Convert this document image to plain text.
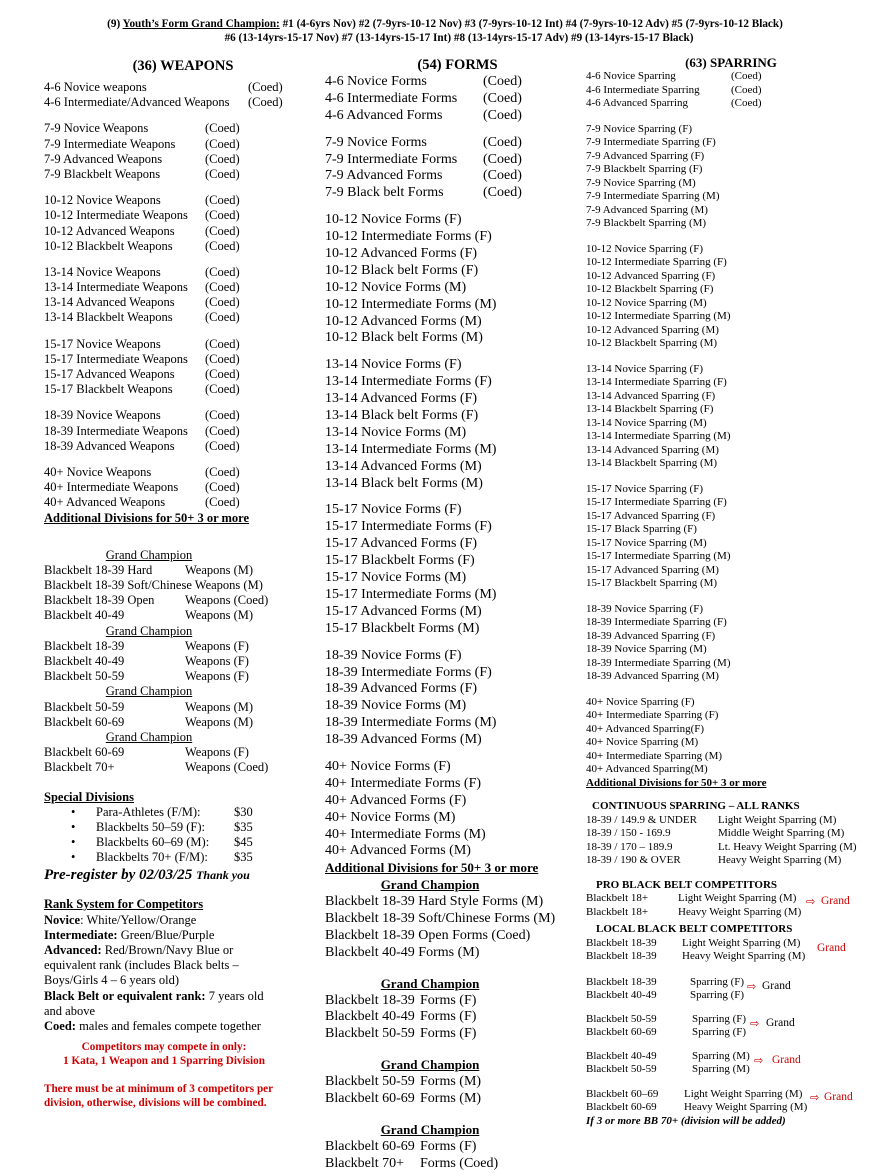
(9) Youth’s Form Grand Champion: #1 (4-6yrs Nov) #2 (7-9yrs-10-12 Nov) #3 (7-9yrs-10-12 Int) #4 (7-9yrs-10-12 Adv) #5 (7-9yrs-10-12 Black)
#6 (13-14yrs-15-17 Nov) #7 (13-14yrs-15-17 Int) #8 (13-14yrs-15-17 Adv) #9 (13-14yrs-15-17 Black)
(36) WEAPONS
4-6 Novice weapons	(Coed)
4-6 Intermediate/Advanced Weapons (Coed)
7-9 Novice Weapons	(Coed)
7-9 Intermediate Weapons (Coed)
7-9 Advanced Weapons	(Coed)
7-9 Blackbelt Weapons	(Coed)
10-12 Novice Weapons	(Coed)
10-12 Intermediate Weapons (Coed)
10-12 Advanced Weapons (Coed)
10-12 Blackbelt Weapons	(Coed)
13-14 Novice Weapons	(Coed)
13-14 Intermediate Weapons (Coed)
13-14 Advanced Weapons (Coed)
13-14 Blackbelt Weapons	(Coed)
15-17 Novice Weapons	(Coed)
15-17 Intermediate Weapons (Coed)
15-17 Advanced Weapons (Coed)
15-17 Blackbelt Weapons	(Coed)
18-39 Novice Weapons	(Coed)
18-39 Intermediate Weapons (Coed)
18-39 Advanced Weapons (Coed)
40+ Novice Weapons	(Coed)
40+ Intermediate Weapons (Coed)
40+ Advanced Weapons	(Coed)
Additional Divisions for 50+ 3 or more
Grand Champion
Blackbelt 18-39 Hard	Weapons (M)
Blackbelt 18-39 Soft/Chinese Weapons (M)
Blackbelt 18-39 Open Weapons (Coed)
Blackbelt 40-49	Weapons (M)
Grand Champion
Blackbelt 18-39	Weapons (F)
Blackbelt 40-49	Weapons (F)
Blackbelt 50-59	Weapons (F)
Grand Champion
Blackbelt 50-59	Weapons (M)
Blackbelt 60-69	Weapons (M)
Grand Champion
Blackbelt 60-69	Weapons (F)
Blackbelt 70+	Weapons (Coed)
Special Divisions
• Para-Athletes (F/M):	$30
• Blackbelts 50–59 (F): $35
• Blackbelts 60–69 (M): $45
• Blackbelts 70+ (F/M): $35
Pre-register by 02/03/25 Thank you
Rank System for Competitors
Novice: White/Yellow/Orange
Intermediate: Green/Blue/Purple
Advanced: Red/Brown/Navy Blue or
equivalent rank (includes Black belts –
Boys/Girls 4 – 6 years old)
Black Belt or equivalent rank: 7 years old
and above
Coed: males and females compete together
Competitors may compete in only:
1 Kata, 1 Weapon and 1 Sparring Division
There must be at minimum of 3 competitors per
division, otherwise, divisions will be combined.
(54) FORMS
4-6 Novice Forms	(Coed)
4-6 Intermediate Forms (Coed)
4-6 Advanced Forms	(Coed)
7-9 Novice Forms	(Coed)
7-9 Intermediate Forms (Coed)
7-9 Advanced Forms	(Coed)
7-9 Black belt Forms	(Coed)
10-12 Novice Forms (F)
10-12 Intermediate Forms (F)
10-12 Advanced Forms (F)
10-12 Black belt Forms (F)
10-12 Novice Forms (M)
10-12 Intermediate Forms (M)
10-12 Advanced Forms (M)
10-12 Black belt Forms (M)
13-14 Novice Forms (F)
13-14 Intermediate Forms (F)
13-14 Advanced Forms (F)
13-14 Black belt Forms (F)
13-14 Novice Forms (M)
13-14 Intermediate Forms (M)
13-14 Advanced Forms (M)
13-14 Black belt Forms (M)
15-17 Novice Forms (F)
15-17 Intermediate Forms (F)
15-17 Advanced Forms (F)
15-17 Blackbelt Forms (F)
15-17 Novice Forms (M)
15-17 Intermediate Forms (M)
15-17 Advanced Forms (M)
15-17 Blackbelt Forms (M)
18-39 Novice Forms (F)
18-39 Intermediate Forms (F)
18-39 Advanced Forms (F)
18-39 Novice Forms (M)
18-39 Intermediate Forms (M)
18-39 Advanced Forms (M)
40+ Novice Forms (F)
40+ Intermediate Forms (F)
40+ Advanced Forms (F)
40+ Novice Forms (M)
40+ Intermediate Forms (M)
40+ Advanced Forms (M)
Additional Divisions for 50+ 3 or more
Grand Champion
Blackbelt 18-39 Hard Style Forms (M)
Blackbelt 18-39 Soft/Chinese Forms (M)
Blackbelt 18-39 Open Forms (Coed)
Blackbelt 40-49 Forms (M)
Grand Champion
Blackbelt 18-39 Forms (F)
Blackbelt 40-49 Forms (F)
Blackbelt 50-59 Forms (F)
Grand Champion
Blackbelt 50-59 Forms (M)
Blackbelt 60-69 Forms (M)
Grand Champion
Blackbelt 60-69 Forms (F)
Blackbelt 70+ Forms (Coed)
(63) SPARRING
4-6 Novice Sparring	(Coed)
4-6 Intermediate Sparring	(Coed)
4-6 Advanced Sparring	(Coed)
7-9 Novice Sparring (F)
7-9 Intermediate Sparring (F)
7-9 Advanced Sparring (F)
7-9 Blackbelt Sparring (F)
7-9 Novice Sparring (M)
7-9 Intermediate Sparring (M)
7-9 Advanced Sparring (M)
7-9 Blackbelt Sparring (M)
10-12 Novice Sparring (F)
10-12 Intermediate Sparring (F)
10-12 Advanced Sparring (F)
10-12 Blackbelt Sparring (F)
10-12 Novice Sparring (M)
10-12 Intermediate Sparring (M)
10-12 Advanced Sparring (M)
10-12 Blackbelt Sparring (M)
13-14 Novice Sparring (F)
13-14 Intermediate Sparring (F)
13-14 Advanced Sparring (F)
13-14 Blackbelt Sparring (F)
13-14 Novice Sparring (M)
13-14 Intermediate Sparring (M)
13-14 Advanced Sparring (M)
13-14 Blackbelt Sparring (M)
15-17 Novice Sparring (F)
15-17 Intermediate Sparring (F)
15-17 Advanced Sparring (F)
15-17 Black Sparring (F)
15-17 Novice Sparring (M)
15-17 Intermediate Sparring (M)
15-17 Advanced Sparring (M)
15-17 Blackbelt Sparring (M)
18-39 Novice Sparring (F)
18-39 Intermediate Sparring (F)
18-39 Advanced Sparring (F)
18-39 Novice Sparring (M)
18-39 Intermediate Sparring (M)
18-39 Advanced Sparring (M)
40+ Novice Sparring (F)
40+ Intermediate Sparring (F)
40+ Advanced Sparring(F)
40+ Novice Sparring (M)
40+ Intermediate Sparring (M)
40+ Advanced Sparring(M)
Additional Divisions for 50+ 3 or more
CONTINUOUS SPARRING – ALL RANKS
18-39 / 149.9 & UNDER Light Weight Sparring (M)
18-39 / 150 - 169.9	Middle Weight Sparring (M)
18-39 / 170 – 189.9	Lt. Heavy Weight Sparring (M)
18-39 / 190 & OVER	Heavy Weight Sparring (M)
PRO BLACK BELT COMPETITORS
Blackbelt 18+	Light Weight Sparring (M)
Blackbelt 18+	Heavy Weight Sparring (M)
⇨ Grand
LOCAL BLACK BELT COMPETITORS
Blackbelt 18-39 Light Weight Sparring (M)
Blackbelt 18-39 Heavy Weight Sparring (M)
Grand
Blackbelt 18-39	Sparring (F)
Blackbelt 40-49	Sparring (F)
⇨ Grand
Blackbelt 50-59	Sparring (F)
Blackbelt 60-69	Sparring (F)
⇨ Grand
Blackbelt 40-49	Sparring (M)
Blackbelt 50-59	Sparring (M)
⇨ Grand
Blackbelt 60–69 Light Weight Sparring (M)
Blackbelt 60-69 Heavy Weight Sparring (M)
⇨ Grand
If 3 or more BB 70+ (division will be added)
